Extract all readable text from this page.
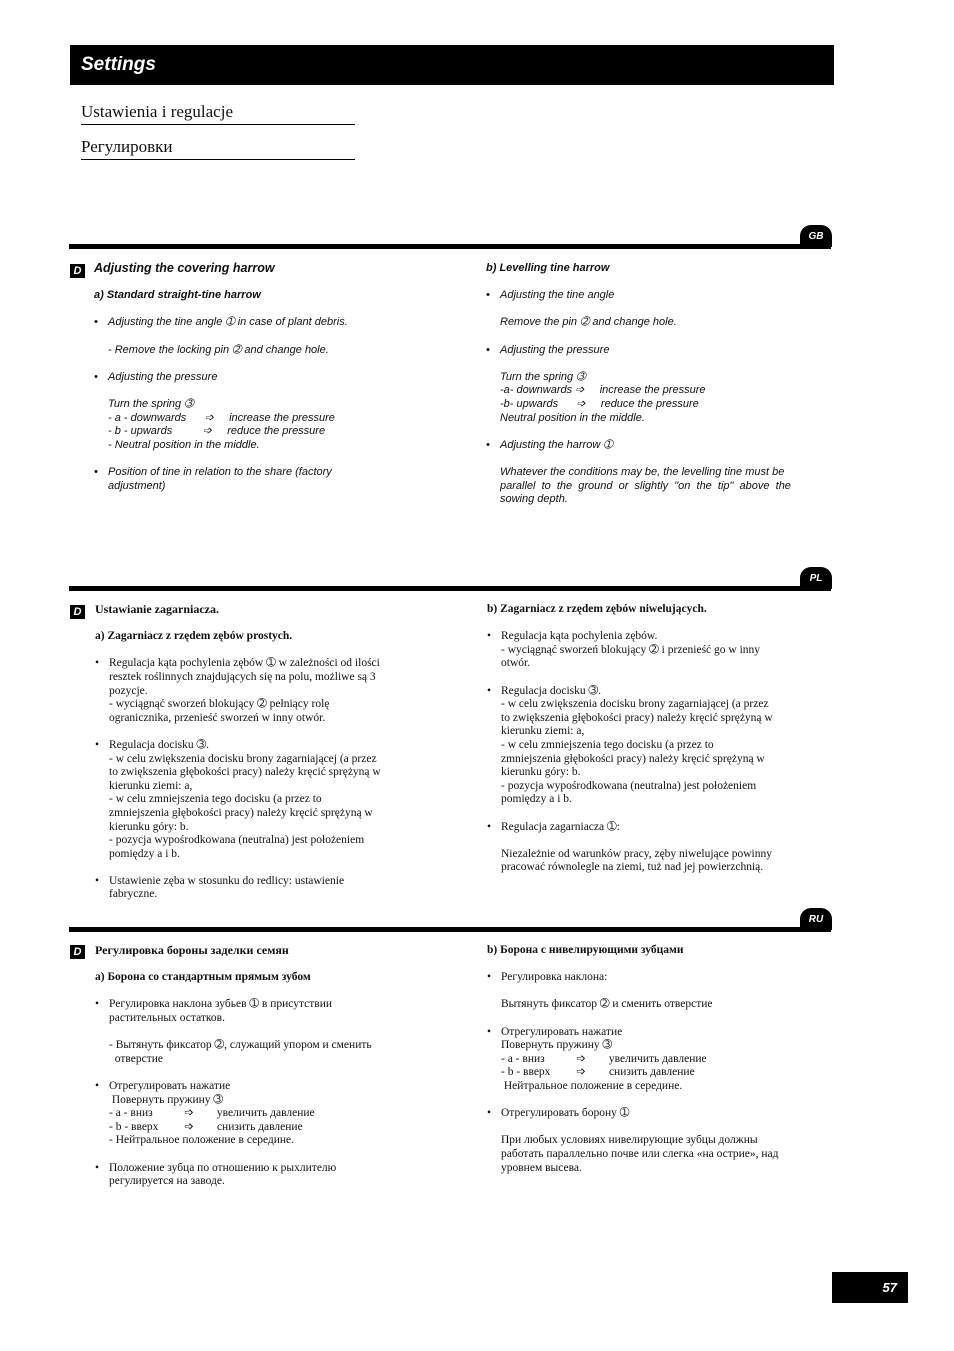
Settings
Ustawienia i regulacje
Регулировки
GB
D Adjusting the covering harrow

a) Standard straight-tine harrow

• Adjusting the tine angle ➀ in case of plant debris.

- Remove the locking pin ➁ and change hole.

• Adjusting the pressure

Turn the spring ➂

- a - downwards      ➩     increase the pressure

- b - upwards          ➩     reduce the pressure

- Neutral position in the middle.

• Position of tine in relation to the share (factory

adjustment)

b) Levelling tine harrow

• Adjusting the tine angle

Remove the pin ➁ and change hole.

• Adjusting the pressure

Turn the spring ➂

-a- downwards ➩     increase the pressure

-b- upwards      ➩     reduce the pressure

Neutral position in the middle.

• Adjusting the harrow ➀

Whatever the conditions may be, the levelling tine must be

parallel  to  the  ground  or  slightly  "on  the  tip"  above  the

sowing depth.

PL
D Ustawianie zagarniacza.

a) Zagarniacz z rzędem zębów prostych.

• Regulacja kąta pochylenia zębów ➀ w zależności od ilości

resztek roślinnych znajdujących się na polu, możliwe są 3

pozycje.

- wyciągnąć sworzeń blokujący ➁ pełniący rolę

ogranicznika, przenieść sworzeń w inny otwór.

• Regulacja docisku ➂.

- w celu zwiększenia docisku brony zagarniającej (a przez

to zwiększenia głębokości pracy) należy kręcić sprężyną w

kierunku ziemi: a,

- w celu zmniejszenia tego docisku (a przez to

zmniejszenia głębokości pracy) należy kręcić sprężyną w

kierunku góry: b.

- pozycja wypośrodkowana (neutralna) jest położeniem

pomiędzy a i b.

• Ustawienie zęba w stosunku do redlicy: ustawienie

fabryczne.

b) Zagarniacz z rzędem zębów niwelujących.

• Regulacja kąta pochylenia zębów.

- wyciągnąć sworzeń blokujący ➁ i przenieść go w inny

otwór.

• Regulacja docisku ➂.

- w celu zwiększenia docisku brony zagarniającej (a przez

to zwiększenia głębokości pracy) należy kręcić sprężyną w

kierunku ziemi: a,

- w celu zmniejszenia tego docisku (a przez to

zmniejszenia głębokości pracy) należy kręcić sprężyną w

kierunku góry: b.

- pozycja wypośrodkowana (neutralna) jest położeniem

pomiędzy a i b.

• Regulacja zagarniacza ➀:

Niezależnie od warunków pracy, zęby niwelujące powinny

pracować równolegle na ziemi, tuż nad jej powierzchnią.

RU
D Регулировка бороны заделки семян

а) Борона со стандартным прямым зубом

• Регулировка наклона зубьев ➀ в присутствии

растительных остатков.

- Вытянуть фиксатор ➁, служащий упором и сменить

отверстие

• Отрегулировать нажатие

Повернуть пружину ➂

- a - вниз           ➩        увеличить давление

- b - вверх         ➩        снизить давление

- Нейтральное положение в середине.

• Положение зубца по отношению к рыхлителю

регулируется на заводе.

b) Борона с нивелирующими зубцами

• Регулировка наклона:

Вытянуть фиксатор ➁ и сменить отверстие

• Отрегулировать нажатие

Повернуть пружину ➂

- a - вниз           ➩        увеличить давление

- b - вверх         ➩        снизить давление

Нейтральное положение в середине.

• Отрегулировать борону ➀

При любых условиях нивелирующие зубцы должны

работать параллельно почве или слегка «на острие», над

уровнем высева.

57
